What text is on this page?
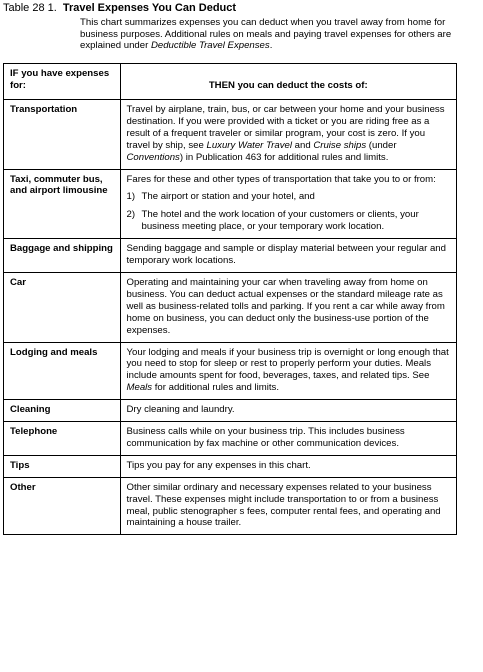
Table 28 1. Travel Expenses You Can Deduct
This chart summarizes expenses you can deduct when you travel away from home for business purposes. Additional rules on meals and paying travel expenses for others are explained under Deductible Travel Expenses.
IF you have expenses for:	THEN you can deduct the costs of:
Transportation	Travel by airplane, train, bus, or car between your home and your business destination. If you were provided with a ticket or you are riding free as a result of a frequent traveler or similar program, your cost is zero. If you travel by ship, see Luxury Water Travel and Cruise ships (under Conventions) in Publication 463 for additional rules and limits.
Taxi, commuter bus, and airport limousine	Fares for these and other types of transportation that take you to or from:
1) The airport or station and your hotel, and
2) The hotel and the work location of your customers or clients, your business meeting place, or your temporary work location.

Baggage and shipping	Sending baggage and sample or display material between your regular and temporary work locations.
Car	Operating and maintaining your car when traveling away from home on business. You can deduct actual expenses or the standard mileage rate as well as business-related tolls and parking. If you rent a car while away from home on business, you can deduct only the business-use portion of the expenses.
Lodging and meals	Your lodging and meals if your business trip is overnight or long enough that you need to stop for sleep or rest to properly perform your duties. Meals include amounts spent for food, beverages, taxes, and related tips. See Meals for additional rules and limits.
Cleaning	Dry cleaning and laundry.
Telephone	Business calls while on your business trip. This includes business communication by fax machine or other communication devices.
Tips	Tips you pay for any expenses in this chart.
Other	Other similar ordinary and necessary expenses related to your business travel. These expenses might include transportation to or from a business meal, public stenographer s fees, computer rental fees, and operating and maintaining a house trailer.
